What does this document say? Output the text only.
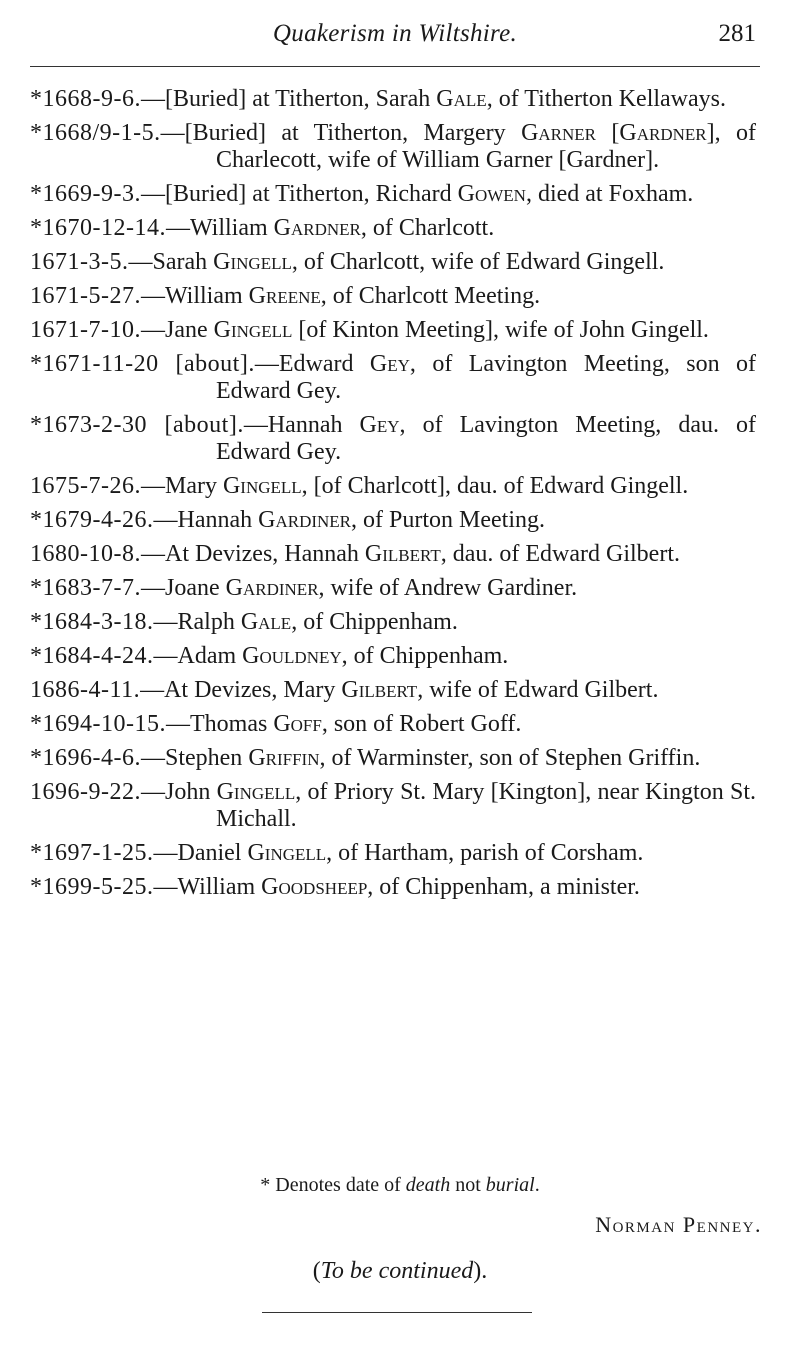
Quakerism in Wiltshire.	281
*1668-9-6.—[Buried] at Titherton, Sarah Gale, of Titherton Kellaways.
*1668/9-1-5.—[Buried] at Titherton, Margery Garner [Gardner], of Charlecott, wife of William Garner [Gardner].
*1669-9-3.—[Buried] at Titherton, Richard Gowen, died at Foxham.
*1670-12-14.—William Gardner, of Charlcott.
1671-3-5.—Sarah Gingell, of Charlcott, wife of Edward Gingell.
1671-5-27.—William Greene, of Charlcott Meeting.
1671-7-10.—Jane Gingell [of Kinton Meeting], wife of John Gingell.
*1671-11-20 [about].—Edward Gey, of Lavington Meeting, son of Edward Gey.
*1673-2-30 [about].—Hannah Gey, of Lavington Meeting, dau. of Edward Gey.
1675-7-26.—Mary Gingell, [of Charlcott], dau. of Edward Gingell.
*1679-4-26.—Hannah Gardiner, of Purton Meeting.
1680-10-8.—At Devizes, Hannah Gilbert, dau. of Edward Gilbert.
*1683-7-7.—Joane Gardiner, wife of Andrew Gardiner.
*1684-3-18.—Ralph Gale, of Chippenham.
*1684-4-24.—Adam Gouldney, of Chippenham.
1686-4-11.—At Devizes, Mary Gilbert, wife of Edward Gilbert.
*1694-10-15.—Thomas Goff, son of Robert Goff.
*1696-4-6.—Stephen Griffin, of Warminster, son of Stephen Griffin.
1696-9-22.—John Gingell, of Priory St. Mary [Kington], near Kington St. Michall.
*1697-1-25.—Daniel Gingell, of Hartham, parish of Corsham.
*1699-5-25.—William Goodsheep, of Chippenham, a minister.
* Denotes date of death not burial.
Norman Penney.
(To be continued).
